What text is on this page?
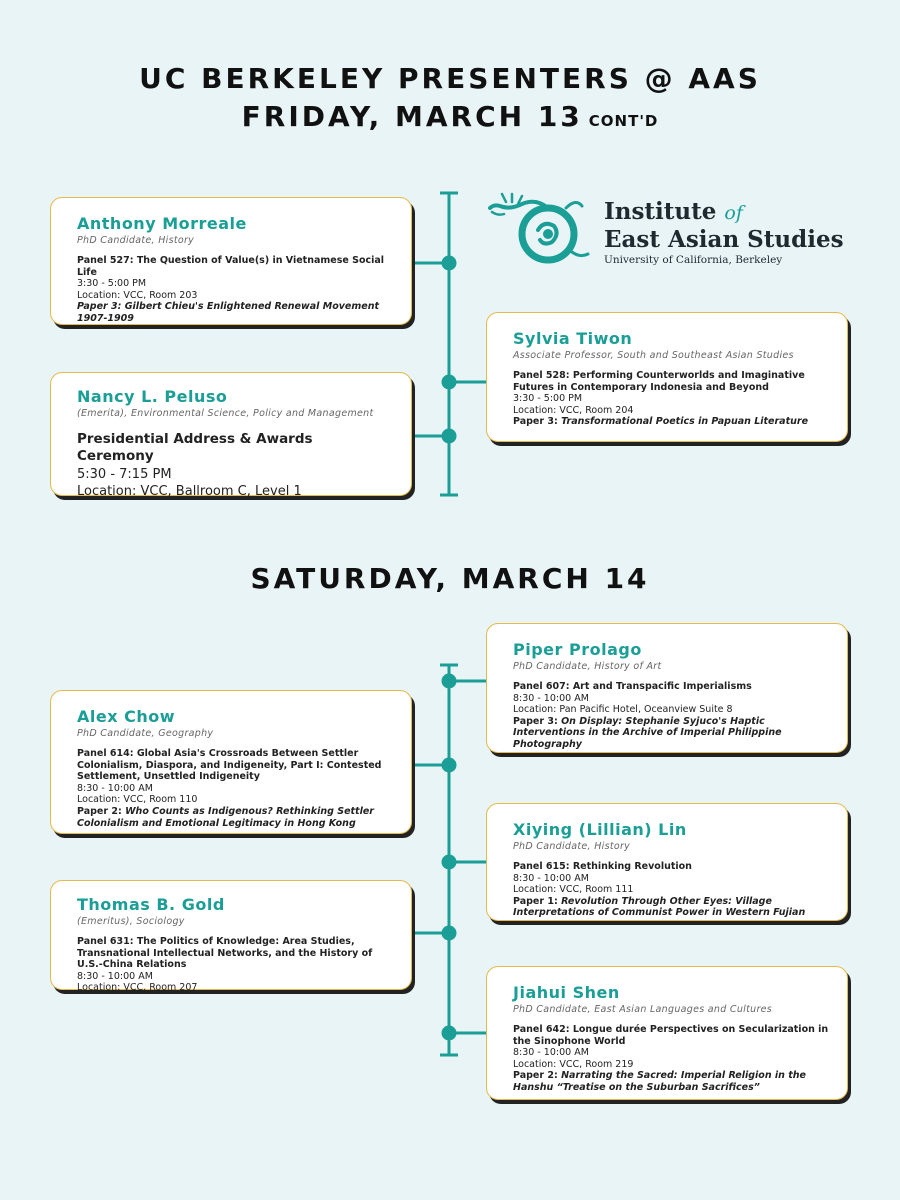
UC BERKELEY PRESENTERS @ AAS
FRIDAY, MARCH 13 CONT'D
Institute of
East Asian Studies
University of California, Berkeley

Anthony Morreale

PhD Candidate, History

Panel 527: The Question of Value(s) in Vietnamese Social Life

3:30 - 5:00 PM

Location: VCC, Room 203

Paper 3: Gilbert Chieu's Enlightened Renewal Movement 1907-1909

Sylvia Tiwon

Associate Professor, South and Southeast Asian Studies

Panel 528: Performing Counterworlds and Imaginative Futures in Contemporary Indonesia and Beyond

3:30 - 5:00 PM

Location: VCC, Room 204

Paper 3: Transformational Poetics in Papuan Literature

Nancy L. Peluso

(Emerita), Environmental Science, Policy and Management

Presidential Address & Awards Ceremony

5:30 - 7:15 PM

Location: VCC, Ballroom C, Level 1

SATURDAY, MARCH 14

Piper Prolago

PhD Candidate, History of Art

Panel 607: Art and Transpacific Imperialisms

8:30 - 10:00 AM

Location: Pan Pacific Hotel, Oceanview Suite 8

Paper 3: On Display: Stephanie Syjuco's Haptic Interventions in the Archive of Imperial Philippine Photography

Alex Chow

PhD Candidate, Geography

Panel 614: Global Asia's Crossroads Between Settler Colonialism, Diaspora, and Indigeneity, Part I: Contested Settlement, Unsettled Indigeneity

8:30 - 10:00 AM

Location: VCC, Room 110

Paper 2: Who Counts as Indigenous? Rethinking Settler Colonialism and Emotional Legitimacy in Hong Kong	Xiying (Lillian) Lin

PhD Candidate, History

Panel 615: Rethinking Revolution

8:30 - 10:00 AM

Location: VCC, Room 111

Paper 1: Revolution Through Other Eyes: Village Interpretations of Communist Power in Western Fujian

Thomas B. Gold

(Emeritus), Sociology

Panel 631: The Politics of Knowledge: Area Studies, Transnational Intellectual Networks, and the History of U.S.-China Relations

8:30 - 10:00 AM

Location: VCC, Room 207	Jiahui Shen

PhD Candidate, East Asian Languages and Cultures

Panel 642: Longue durée Perspectives on Secularization in the Sinophone World

8:30 - 10:00 AM

Location: VCC, Room 219

Paper 2: Narrating the Sacred: Imperial Religion in the Hanshu “Treatise on the Suburban Sacrifices”
